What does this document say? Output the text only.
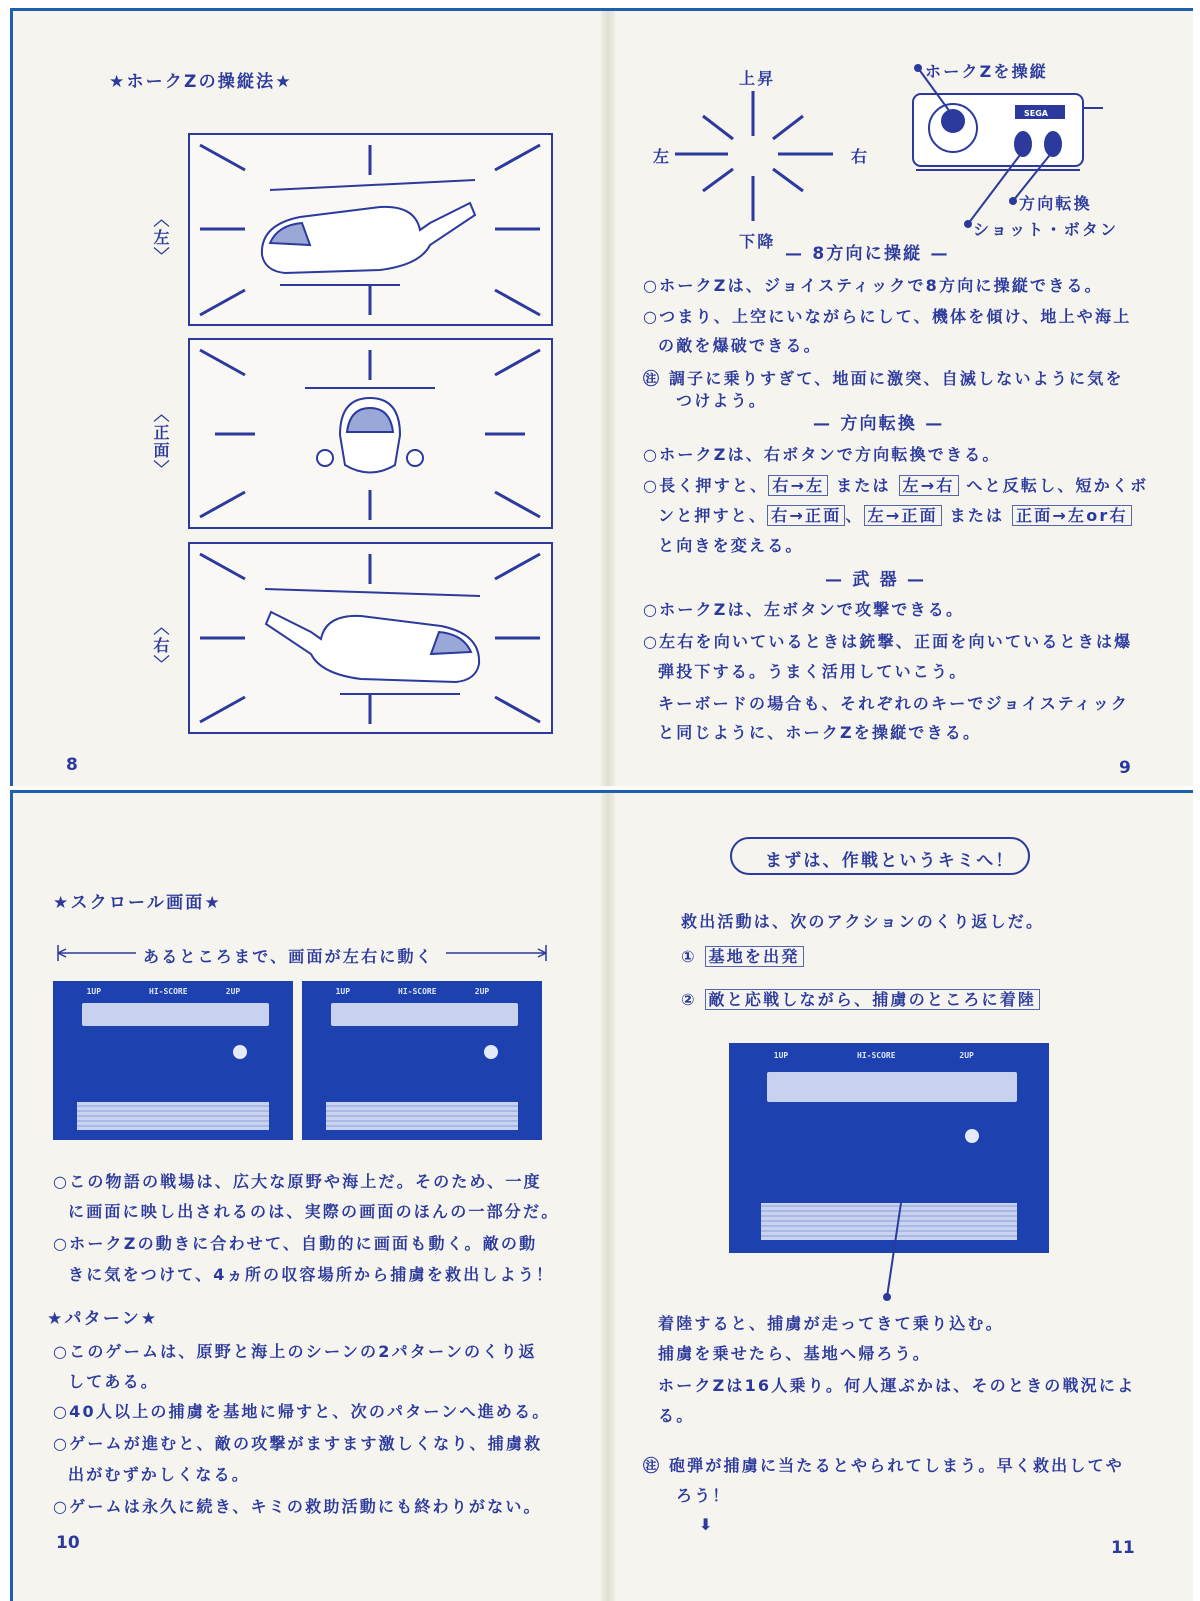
★ホークZの操縦法★
〈左〉
〈正面〉
〈右〉
8
上昇
下降
左	右
— 8方向に操縦 —
SEGA
ホークZを操縦
方向転換
ショット・ボタン
○ホークZは、ジョイスティックで8方向に操縦できる。
○つまり、上空にいながらにして、機体を傾け、地上や海上
の敵を爆破できる。
㊟ 調子に乗りすぎて、地面に激突、自滅しないように気を
つけよう。
— 方向転換 —
○ホークZは、右ボタンで方向転換できる。
○長く押すと、 右→左 または 左→右 へと反転し、短かくボ
ンと押すと、 右→正面 、 左→正面 または 正面→左or右
と向きを変える。
— 武 器 —
○ホークZは、左ボタンで攻撃できる。
○左右を向いているときは銃撃、正面を向いているときは爆
弾投下する。うまく活用していこう。
キーボードの場合も、それぞれのキーでジョイスティック
と同じように、ホークZを操縦できる。
9
★スクロール画面★
あるところまで、画面が左右に動く
1UP	HI-SCORE	2UP	1UP	HI-SCORE	2UP
○この物語の戦場は、広大な原野や海上だ。そのため、一度
に画面に映し出されるのは、実際の画面のほんの一部分だ。
○ホークZの動きに合わせて、自動的に画面も動く。敵の動
きに気をつけて、4ヵ所の収容場所から捕虜を救出しよう！
★パターン★
○このゲームは、原野と海上のシーンの2パターンのくり返
してある。
○40人以上の捕虜を基地に帰すと、次のパターンへ進める。
○ゲームが進むと、敵の攻撃がますます激しくなり、捕虜救
出がむずかしくなる。
○ゲームは永久に続き、キミの救助活動にも終わりがない。
10
まずは、作戦というキミへ！
救出活動は、次のアクションのくり返しだ。
① 基地を出発
② 敵と応戦しながら、捕虜のところに着陸
1UP	HI-SCORE	2UP
着陸すると、捕虜が走ってきて乗り込む。
捕虜を乗せたら、基地へ帰ろう。
ホークZは16人乗り。何人運ぶかは、そのときの戦況によ
る。
㊟ 砲弾が捕虜に当たるとやられてしまう。早く救出してや
ろう！
⬇
11
